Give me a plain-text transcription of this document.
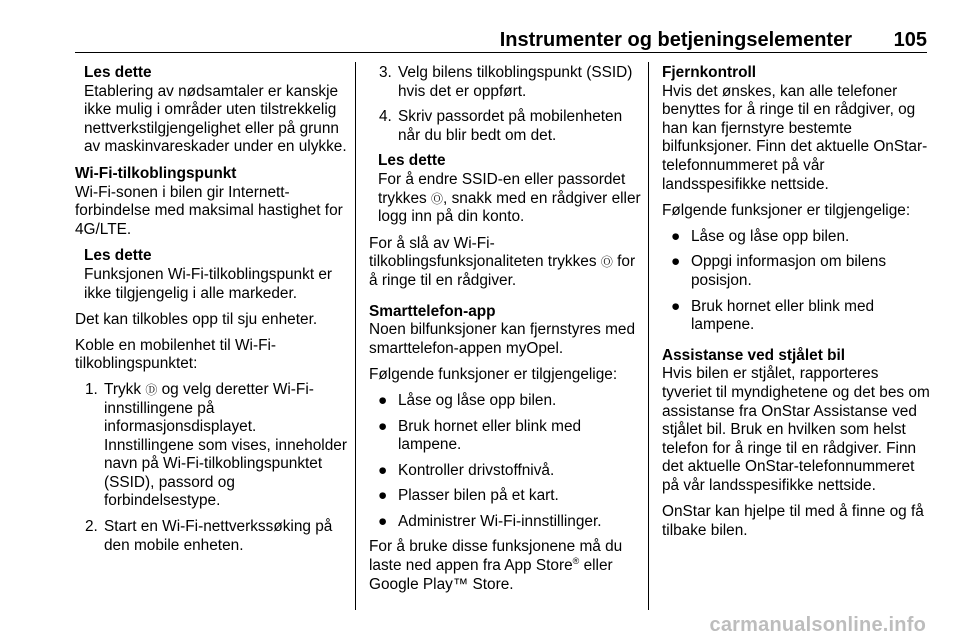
Instrumenter og betjeningselementer 105
Les dette
Etablering av nødsamtaler er kanskje ikke mulig i områder uten tilstrekkelig nettverkstilgjengelighet eller på grunn av maskinvareskader under en ulykke.
Wi-Fi-tilkoblingspunkt
Wi-Fi-sonen i bilen gir Internett-forbindelse med maksimal hastighet for 4G/LTE.
Les dette
Funksjonen Wi-Fi-tilkoblingspunkt er ikke tilgjengelig i alle markeder.
Det kan tilkobles opp til sju enheter.
Koble en mobilenhet til Wi-Fi-tilkoblingspunktet:
1. Trykk Ⓓ og velg deretter Wi-Fi-innstillingene på informasjonsdisplayet. Innstillingene som vises, inneholder navn på Wi-Fi-tilkoblingspunktet (SSID), passord og forbindelsestype.
2. Start en Wi-Fi-nettverkssøking på den mobile enheten.
3. Velg bilens tilkoblingspunkt (SSID) hvis det er oppført.
4. Skriv passordet på mobilenheten når du blir bedt om det.
Les dette
For å endre SSID-en eller passordet trykkes Ⓞ, snakk med en rådgiver eller logg inn på din konto.
For å slå av Wi-Fi-tilkoblingsfunksjonaliteten trykkes Ⓞ for å ringe til en rådgiver.
Smarttelefon-app
Noen bilfunksjoner kan fjernstyres med smarttelefon-appen myOpel.
Følgende funksjoner er tilgjengelige:
● Låse og låse opp bilen.
● Bruk hornet eller blink med lampene.
● Kontroller drivstoffnivå.
● Plasser bilen på et kart.
● Administrer Wi-Fi-innstillinger.
For å bruke disse funksjonene må du laste ned appen fra App Store® eller Google Play™ Store.
Fjernkontroll
Hvis det ønskes, kan alle telefoner benyttes for å ringe til en rådgiver, og han kan fjernstyre bestemte bilfunksjoner. Finn det aktuelle OnStar-telefonnummeret på vår landsspesifikke nettside.
Følgende funksjoner er tilgjengelige:
● Låse og låse opp bilen.
● Oppgi informasjon om bilens posisjon.
● Bruk hornet eller blink med lampene.
Assistanse ved stjålet bil
Hvis bilen er stjålet, rapporteres tyveriet til myndighetene og det bes om assistanse fra OnStar Assistanse ved stjålet bil. Bruk en hvilken som helst telefon for å ringe til en rådgiver. Finn det aktuelle OnStar-telefonnummeret på vår landsspesifikke nettside.
OnStar kan hjelpe til med å finne og få tilbake bilen.
carmanualsonline.info
